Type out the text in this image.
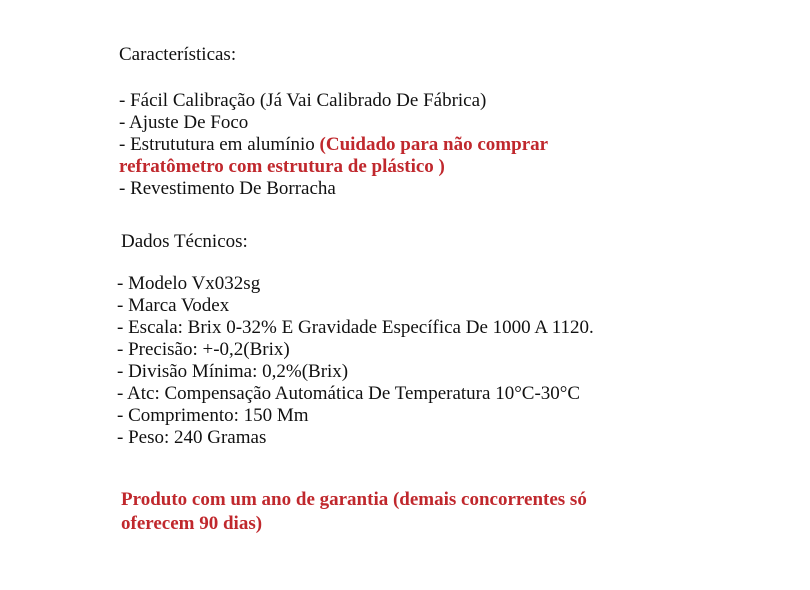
Características:
- Fácil Calibração (Já Vai Calibrado De Fábrica)
- Ajuste De Foco
- Estrututura em alumínio (Cuidado para não comprar
refratômetro com estrutura de plástico )
- Revestimento De Borracha
Dados Técnicos:
- Modelo Vx032sg
- Marca Vodex
- Escala: Brix 0-32% E Gravidade Específica De 1000 A 1120.
- Precisão: +-0,2(Brix)
- Divisão Mínima: 0,2%(Brix)
- Atc: Compensação Automática De Temperatura 10°C-30°C
- Comprimento: 150 Mm
- Peso: 240 Gramas
Produto com um ano de garantia (demais concorrentes só
oferecem 90 dias)
